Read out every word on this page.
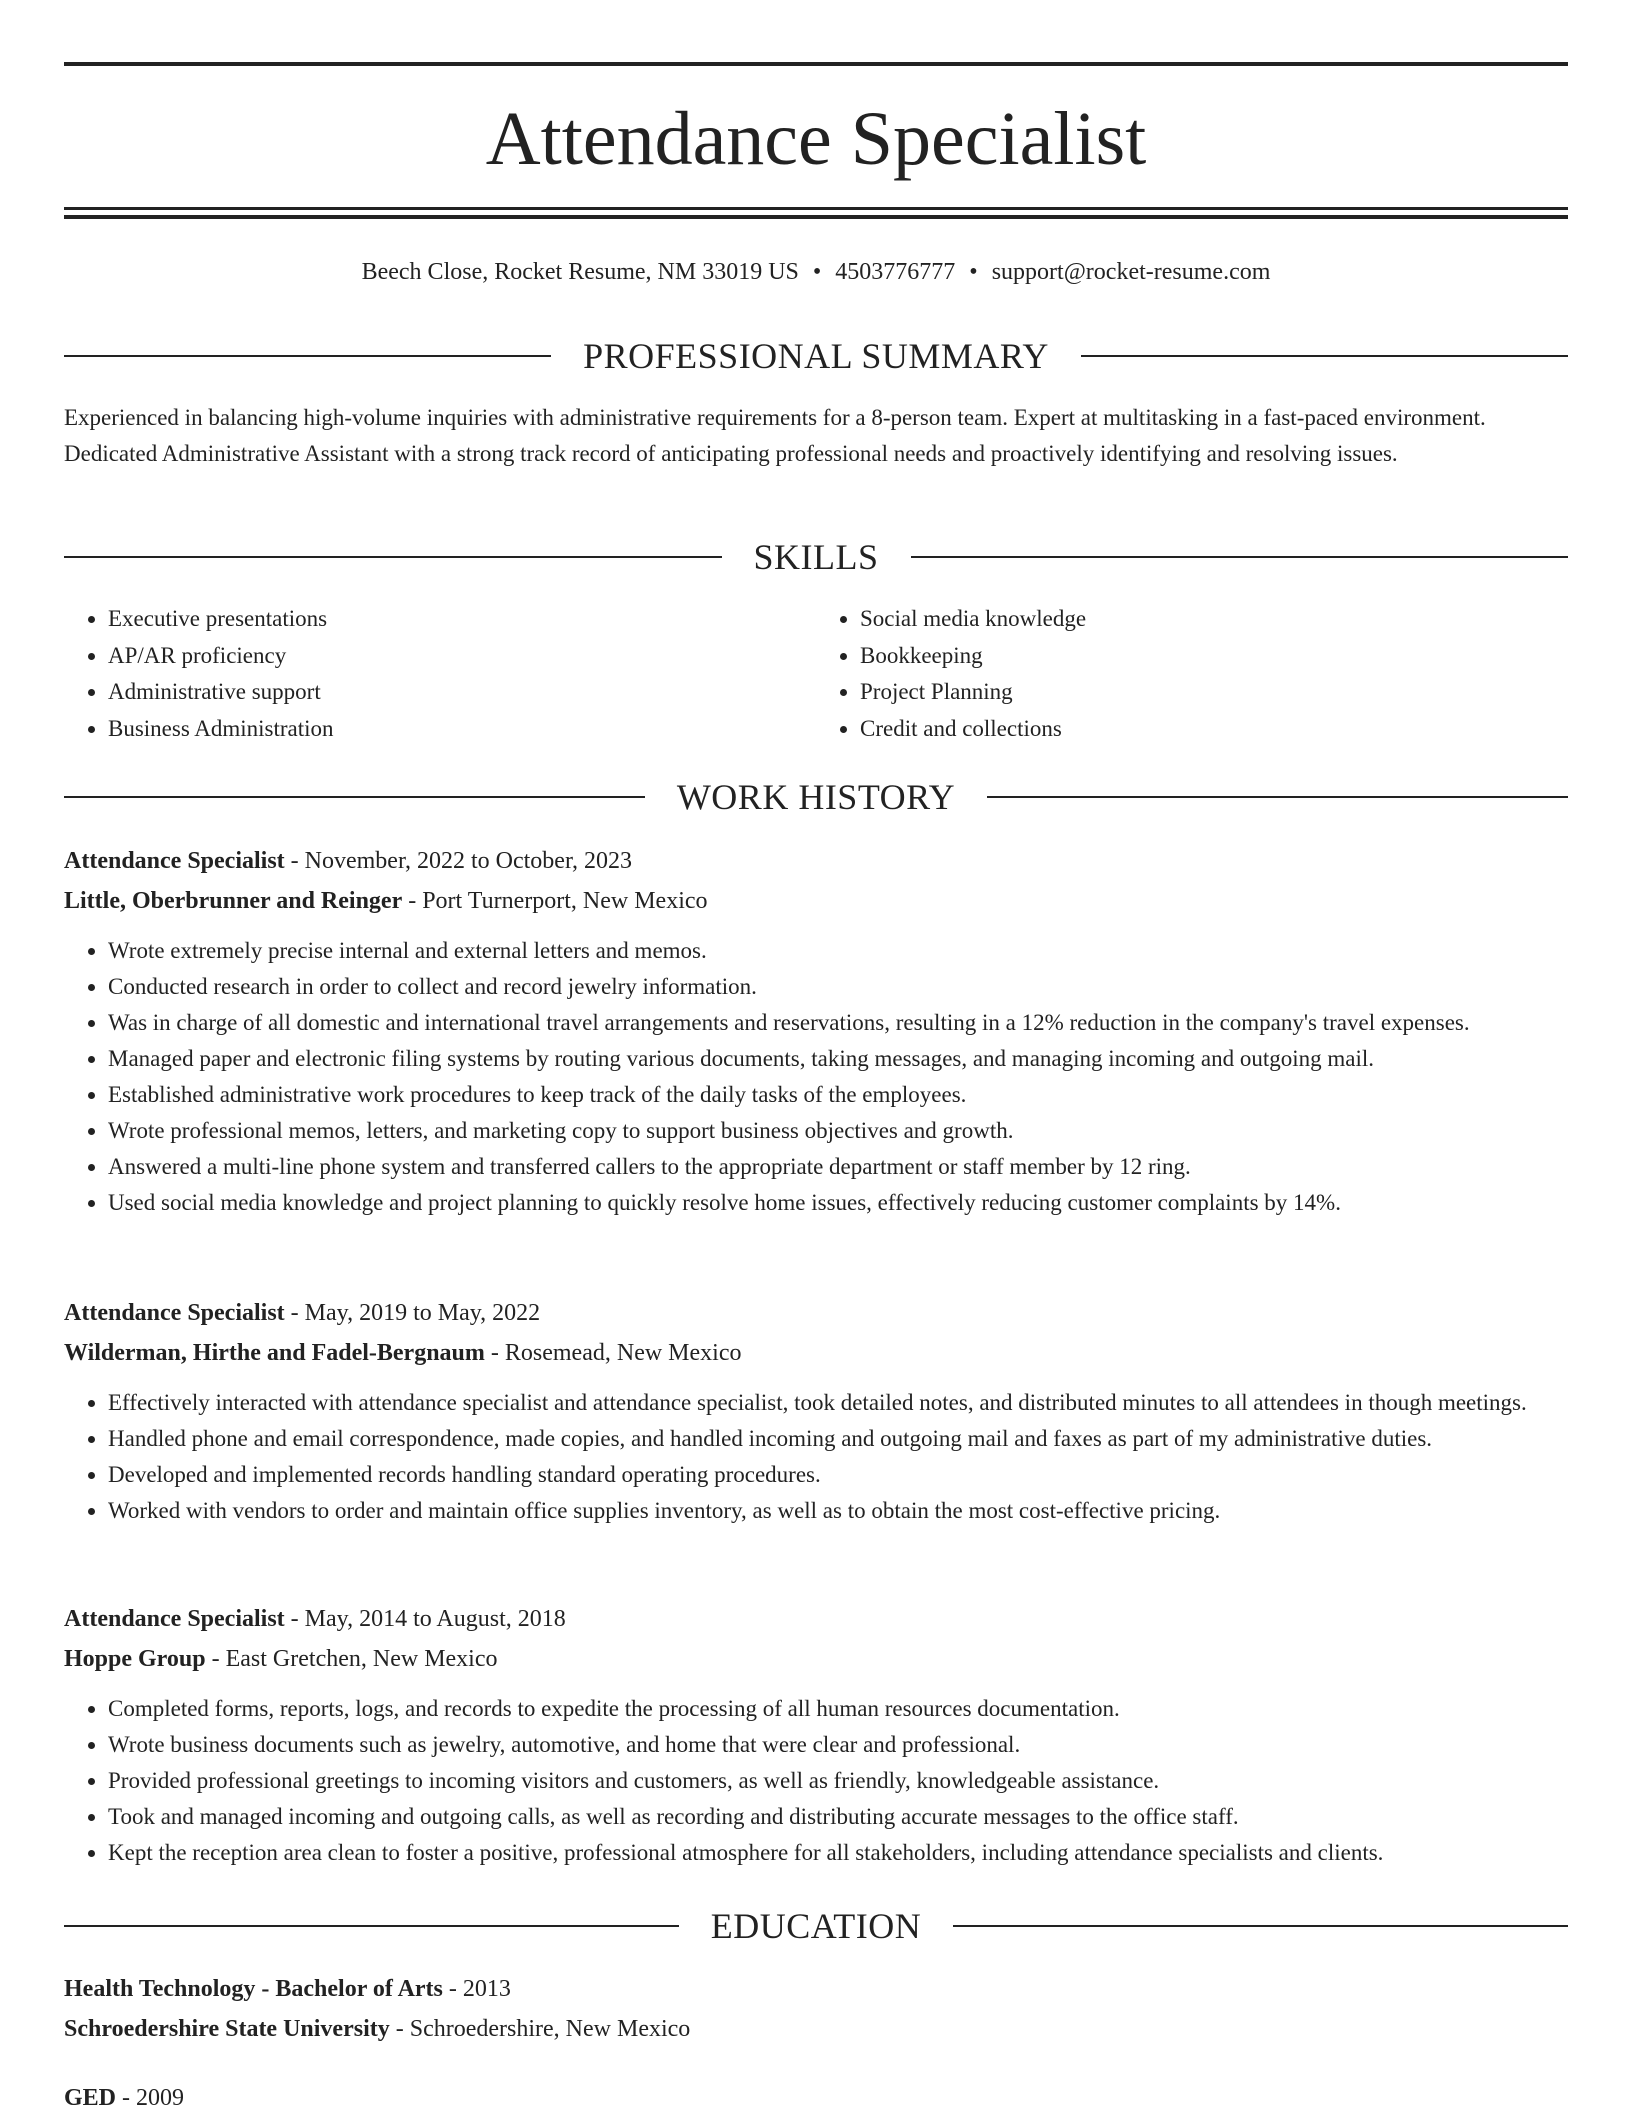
Attendance Specialist
Beech Close, Rocket Resume, NM 33019 US • 4503776777 • support@rocket-resume.com
PROFESSIONAL SUMMARY

Experienced in balancing high-volume inquiries with administrative requirements for a 8-person team. Expert at multitasking in a fast-paced environment. Dedicated Administrative Assistant with a strong track record of anticipating professional needs and proactively identifying and resolving issues.

SKILLS
• Executive presentations
• AP/AR proficiency
• Administrative support
• Business Administration
• Social media knowledge
• Bookkeeping
• Project Planning
• Credit and collections
WORK HISTORY
Attendance Specialist - November, 2022 to October, 2023
Little, Oberbrunner and Reinger - Port Turnerport, New Mexico
• Wrote extremely precise internal and external letters and memos.
• Conducted research in order to collect and record jewelry information.
• Was in charge of all domestic and international travel arrangements and reservations, resulting in a 12% reduction in the company's travel expenses.
• Managed paper and electronic filing systems by routing various documents, taking messages, and managing incoming and outgoing mail.
• Established administrative work procedures to keep track of the daily tasks of the employees.
• Wrote professional memos, letters, and marketing copy to support business objectives and growth.
• Answered a multi-line phone system and transferred callers to the appropriate department or staff member by 12 ring.
• Used social media knowledge and project planning to quickly resolve home issues, effectively reducing customer complaints by 14%.
Attendance Specialist - May, 2019 to May, 2022
Wilderman, Hirthe and Fadel-Bergnaum - Rosemead, New Mexico
• Effectively interacted with attendance specialist and attendance specialist, took detailed notes, and distributed minutes to all attendees in though meetings.
• Handled phone and email correspondence, made copies, and handled incoming and outgoing mail and faxes as part of my administrative duties.
• Developed and implemented records handling standard operating procedures.
• Worked with vendors to order and maintain office supplies inventory, as well as to obtain the most cost-effective pricing.
Attendance Specialist - May, 2014 to August, 2018
Hoppe Group - East Gretchen, New Mexico
• Completed forms, reports, logs, and records to expedite the processing of all human resources documentation.
• Wrote business documents such as jewelry, automotive, and home that were clear and professional.
• Provided professional greetings to incoming visitors and customers, as well as friendly, knowledgeable assistance.
• Took and managed incoming and outgoing calls, as well as recording and distributing accurate messages to the office staff.
• Kept the reception area clean to foster a positive, professional atmosphere for all stakeholders, including attendance specialists and clients.
EDUCATION
Health Technology - Bachelor of Arts - 2013
Schroedershire State University - Schroedershire, New Mexico
GED - 2009
